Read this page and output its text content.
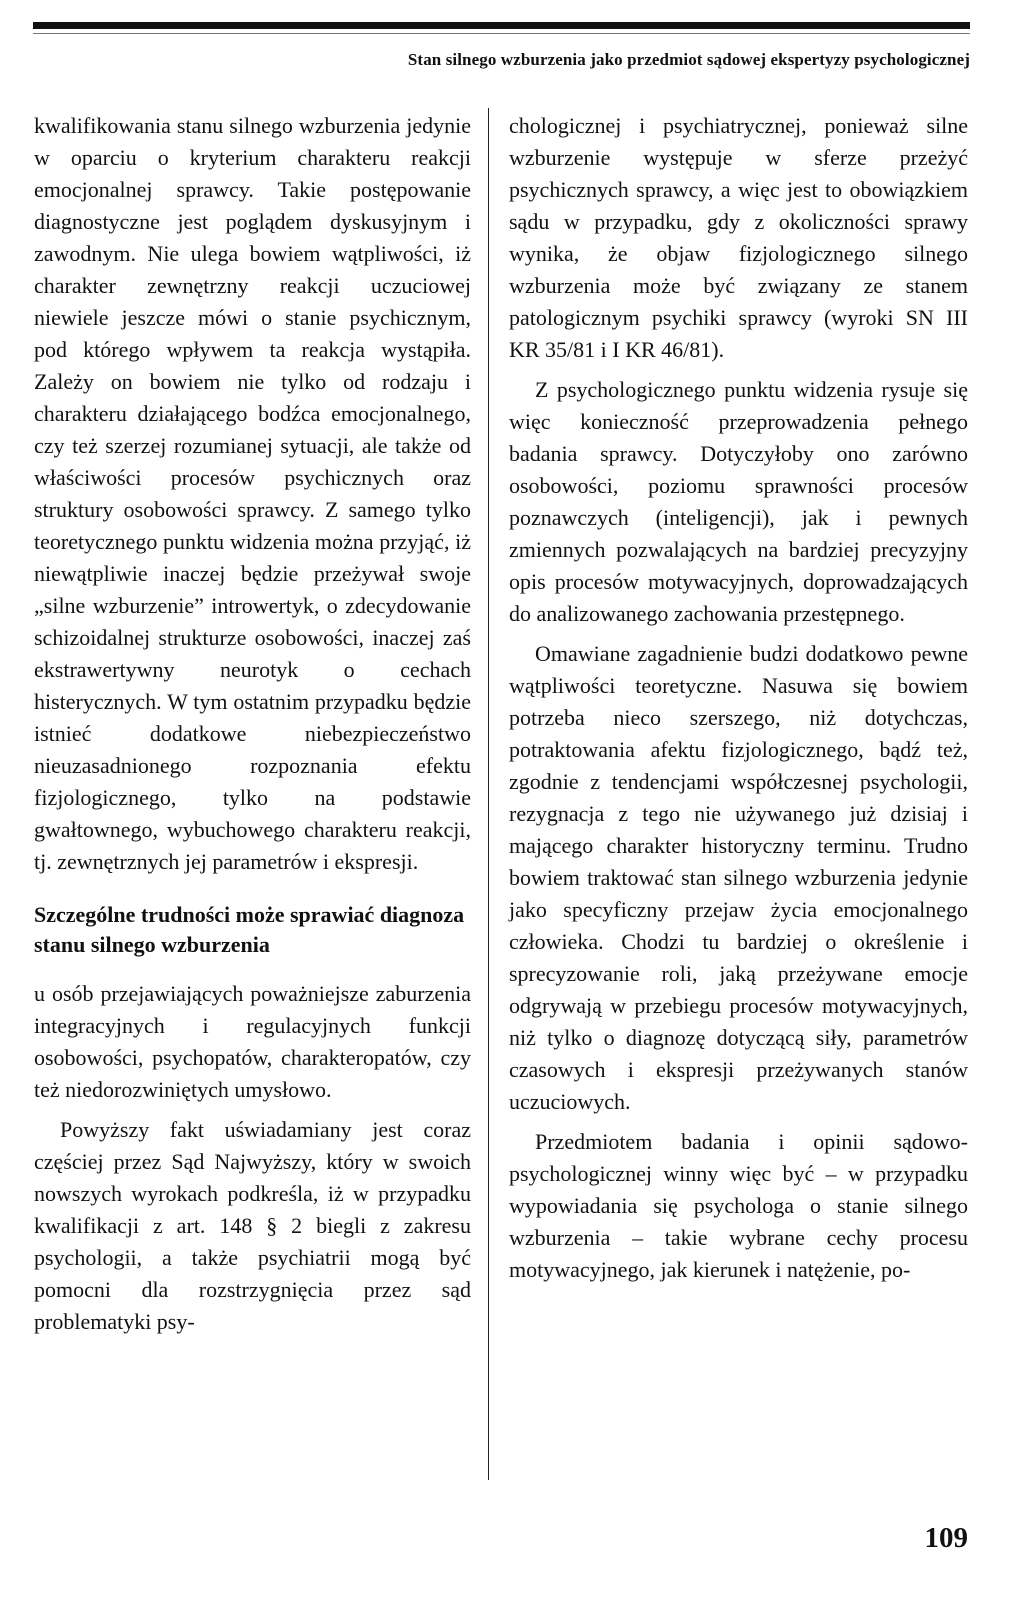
Stan silnego wzburzenia jako przedmiot sądowej ekspertyzy psychologicznej

kwalifikowania stanu silnego wzburzenia jedynie w oparciu o kryterium charakteru reakcji emocjonalnej sprawcy. Takie postępowanie diagnostyczne jest poglądem dyskusyjnym i zawodnym. Nie ulega bowiem wątpliwości, iż charakter zewnętrzny reakcji uczuciowej niewiele jeszcze mówi o stanie psychicznym, pod którego wpływem ta reakcja wystąpiła. Zależy on bowiem nie tylko od rodzaju i charakteru działającego bodźca emocjonalnego, czy też szerzej rozumianej sytuacji, ale także od właściwości procesów psychicznych oraz struktury osobowości sprawcy. Z samego tylko teoretycznego punktu widzenia można przyjąć, iż niewątpliwie inaczej będzie przeżywał swoje „silne wzburzenie” introwertyk, o zdecydowanie schizoidalnej strukturze osobowości, inaczej zaś ekstrawertywny neurotyk o cechach histerycznych. W tym ostatnim przypadku będzie istnieć dodatkowe niebezpieczeństwo nieuzasadnionego rozpoznania efektu fizjologicznego, tylko na podstawie gwałtownego, wybuchowego charakteru reakcji, tj. zewnętrznych jej parametrów i ekspresji.

Szczególne trudności może sprawiać diagnoza stanu silnego wzburzenia

u osób przejawiających poważniejsze zaburzenia integracyjnych i regulacyjnych funkcji osobowości, psychopatów, charakteropatów, czy też niedorozwiniętych umysłowo.

Powyższy fakt uświadamiany jest coraz częściej przez Sąd Najwyższy, który w swoich nowszych wyrokach podkreśla, iż w przypadku kwalifikacji z art. 148 § 2 biegli z zakresu psychologii, a także psychiatrii mogą być pomocni dla rozstrzygnięcia przez sąd problematyki psy-

chologicznej i psychiatrycznej, ponieważ silne wzburzenie występuje w sferze przeżyć psychicznych sprawcy, a więc jest to obowiązkiem sądu w przypadku, gdy z okoliczności sprawy wynika, że objaw fizjologicznego silnego wzburzenia może być związany ze stanem patologicznym psychiki sprawcy (wyroki SN III KR 35/81 i I KR 46/81).

Z psychologicznego punktu widzenia rysuje się więc konieczność przeprowadzenia pełnego badania sprawcy. Dotyczyłoby ono zarówno osobowości, poziomu sprawności procesów poznawczych (inteligencji), jak i pewnych zmiennych pozwalających na bardziej precyzyjny opis procesów motywacyjnych, doprowadzających do analizowanego zachowania przestępnego.

Omawiane zagadnienie budzi dodatkowo pewne wątpliwości teoretyczne. Nasuwa się bowiem potrzeba nieco szerszego, niż dotychczas, potraktowania afektu fizjologicznego, bądź też, zgodnie z tendencjami współczesnej psychologii, rezygnacja z tego nie używanego już dzisiaj i mającego charakter historyczny terminu. Trudno bowiem traktować stan silnego wzburzenia jedynie jako specyficzny przejaw życia emocjonalnego człowieka. Chodzi tu bardziej o określenie i sprecyzowanie roli, jaką przeżywane emocje odgrywają w przebiegu procesów motywacyjnych, niż tylko o diagnozę dotyczącą siły, parametrów czasowych i ekspresji przeżywanych stanów uczuciowych.

Przedmiotem badania i opinii sądowo-psychologicznej winny więc być – w przypadku wypowiadania się psychologa o stanie silnego wzburzenia – takie wybrane cechy procesu motywacyjnego, jak kierunek i natężenie, po-

109
